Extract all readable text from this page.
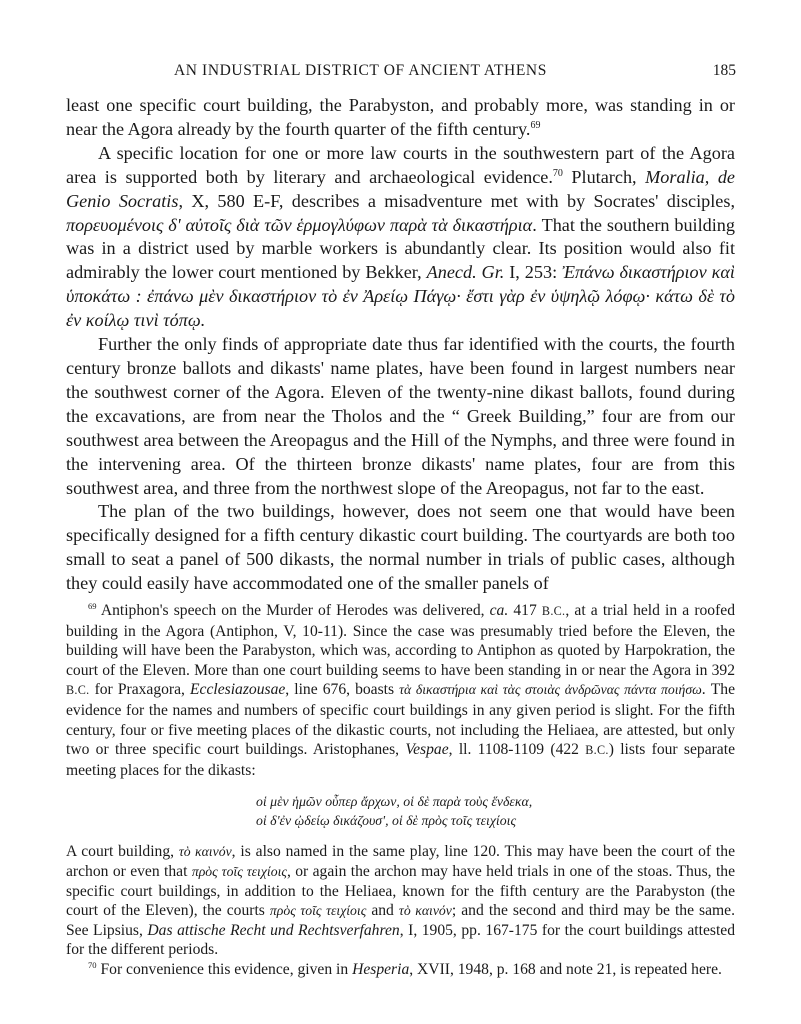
AN INDUSTRIAL DISTRICT OF ANCIENT ATHENS	185

least one specific court building, the Parabyston, and probably more, was standing in or near the Agora already by the fourth quarter of the fifth century.$^{69}$

A specific location for one or more law courts in the southwestern part of the Agora area is supported both by literary and archaeological evidence.$^{70}$ Plutarch, Moralia, de Genio Socratis, X, 580 E-F, describes a misadventure met with by Socrates' disciples, πορευομένοις δ' αὐτοῖς διὰ τῶν ἑρμογλύφων παρὰ τὰ δικαστήρια. That the southern building was in a district used by marble workers is abundantly clear. Its position would also fit admirably the lower court mentioned by Bekker, Anecd. Gr. I, 253: Ἐπάνω δικαστήριον καὶ ὑποκάτω : ἐπάνω μὲν δικαστήριον τὸ ἐν Ἀρείῳ Πάγῳ· ἔστι γὰρ ἐν ὑψηλῷ λόφῳ· κάτω δὲ τὸ ἐν κοίλῳ τινὶ τόπῳ.

Further the only finds of appropriate date thus far identified with the courts, the fourth century bronze ballots and dikasts' name plates, have been found in largest numbers near the southwest corner of the Agora. Eleven of the twenty-nine dikast ballots, found during the excavations, are from near the Tholos and the “ Greek Building,” four are from our southwest area between the Areopagus and the Hill of the Nymphs, and three were found in the intervening area. Of the thirteen bronze dikasts' name plates, four are from this southwest area, and three from the northwest slope of the Areopagus, not far to the east.

The plan of the two buildings, however, does not seem one that would have been specifically designed for a fifth century dikastic court building. The courtyards are both too small to seat a panel of 500 dikasts, the normal number in trials of public cases, although they could easily have accommodated one of the smaller panels of

$^{69}$ Antiphon's speech on the Murder of Herodes was delivered, ca. 417 B.C., at a trial held in a roofed building in the Agora (Antiphon, V, 10-11). Since the case was presumably tried before the Eleven, the building will have been the Parabyston, which was, according to Antiphon as quoted by Harpokration, the court of the Eleven. More than one court building seems to have been standing in or near the Agora in 392 B.C. for Praxagora, Ecclesiazousae, line 676, boasts τὰ δικαστήρια καὶ τὰς στοιὰς ἀνδρῶνας πάντα ποιήσω. The evidence for the names and numbers of specific court buildings in any given period is slight. For the fifth century, four or five meeting places of the dikastic courts, not including the Heliaea, are attested, but only two or three specific court buildings. Aristophanes, Vespae, ll. 1108-1109 (422 B.C.) lists four separate meeting places for the dikasts:

οἱ μὲν ἡμῶν οὗπερ ἄρχων, οἱ δὲ παρὰ τοὺς ἕνδεκα,
οἱ δ'ἐν ᾠδείῳ δικάζουσ', οἱ δὲ πρὸς τοῖς τειχίοις

A court building, τὸ καινόν, is also named in the same play, line 120. This may have been the court of the archon or even that πρὸς τοῖς τειχίοις, or again the archon may have held trials in one of the stoas. Thus, the specific court buildings, in addition to the Heliaea, known for the fifth century are the Parabyston (the court of the Eleven), the courts πρὸς τοῖς τειχίοις and τὸ καινόν; and the second and third may be the same. See Lipsius, Das attische Recht und Rechtsverfahren, I, 1905, pp. 167-175 for the court buildings attested for the different periods.

$^{70}$ For convenience this evidence, given in Hesperia, XVII, 1948, p. 168 and note 21, is repeated here.
